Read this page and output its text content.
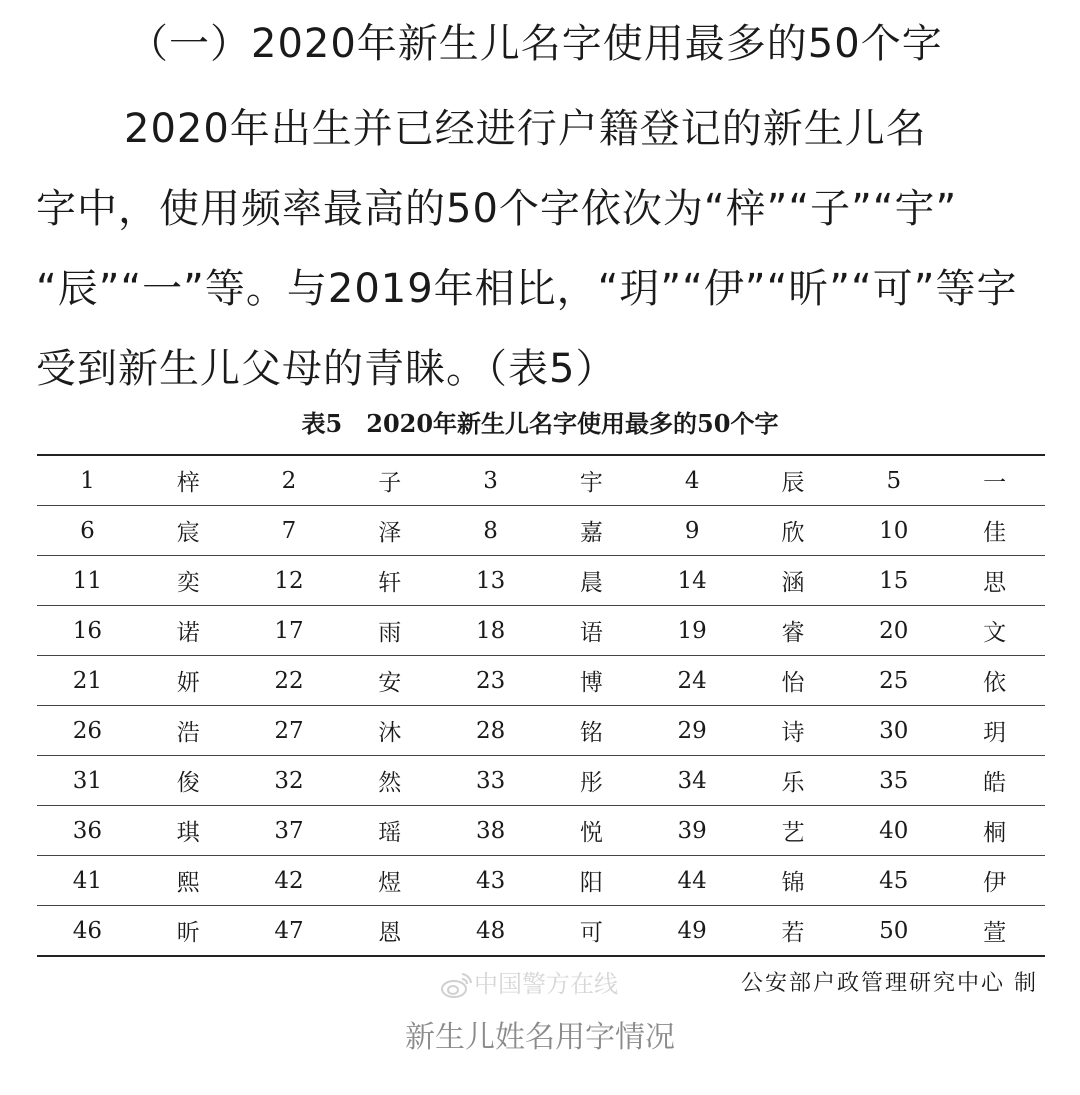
（一）2020年新生儿名字使用最多的50个字
2020年出生并已经进行户籍登记的新生儿名
字中，使用频率最高的50个字依次为“梓”“子”“宇”
“辰”“一”等。与2019年相比，“玥”“伊”“昕”“可”等字
受到新生儿父母的青睐。（表5）
表5　2020年新生儿名字使用最多的50个字
1	梓	2	子	3	宇	4	辰	5	一
6	宸	7	泽	8	嘉	9	欣	10	佳
11	奕	12	轩	13	晨	14	涵	15	思
16	诺	17	雨	18	语	19	睿	20	文
21	妍	22	安	23	博	24	怡	25	依
26	浩	27	沐	28	铭	29	诗	30	玥
31	俊	32	然	33	彤	34	乐	35	皓
36	琪	37	瑶	38	悦	39	艺	40	桐
41	熙	42	煜	43	阳	44	锦	45	伊
46	昕	47	恩	48	可	49	若	50	萱
中国警方在线	公安部户政管理研究中心 制
新生儿姓名用字情况
